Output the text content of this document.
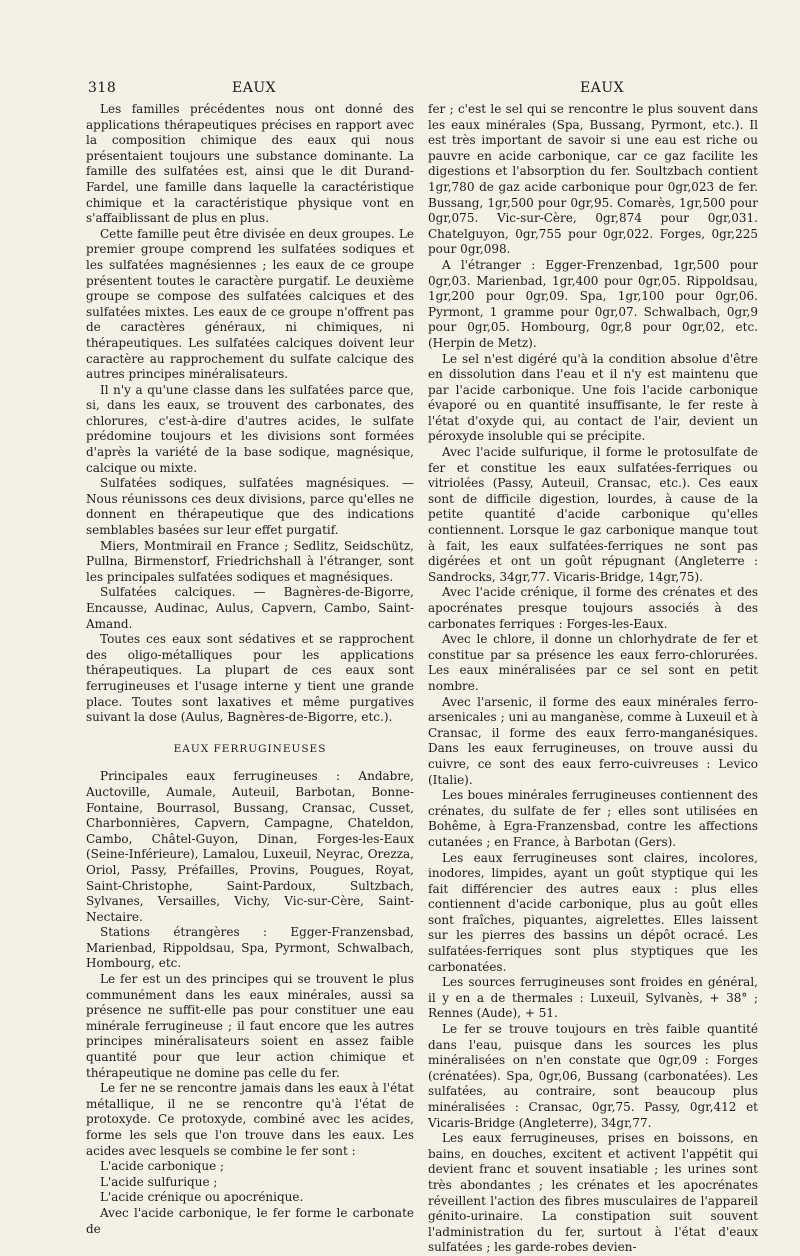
318	EAUX	EAUX

Les familles précédentes nous ont donné des applications thérapeutiques précises en rapport avec la composition chimique des eaux qui nous présentaient toujours une substance dominante. La famille des sulfatées est, ainsi que le dit Durand-Fardel, une famille dans laquelle la caractéristique chimique et la caractéristique physique vont en s'affaiblissant de plus en plus.

Cette famille peut être divisée en deux groupes. Le premier groupe comprend les sulfatées sodiques et les sulfatées magnésiennes ; les eaux de ce groupe présentent toutes le caractère purgatif. Le deuxième groupe se compose des sulfatées calciques et des sulfatées mixtes. Les eaux de ce groupe n'offrent pas de caractères généraux, ni chimiques, ni thérapeutiques. Les sulfatées calciques doivent leur caractère au rapprochement du sulfate calcique des autres principes minéralisateurs.

Il n'y a qu'une classe dans les sulfatées parce que, si, dans les eaux, se trouvent des carbonates, des chlorures, c'est-à-dire d'autres acides, le sulfate prédomine toujours et les divisions sont formées d'après la variété de la base sodique, magnésique, calcique ou mixte.

Sulfatées sodiques, sulfatées magnésiques. — Nous réunissons ces deux divisions, parce qu'elles ne donnent en thérapeutique que des indications semblables basées sur leur effet purgatif.

Miers, Montmirail en France ; Sedlitz, Seidschütz, Pullna, Birmenstorf, Friedrichshall à l'étranger, sont les principales sulfatées sodiques et magnésiques.

Sulfatées calciques. — Bagnères-de-Bigorre, Encausse, Audinac, Aulus, Capvern, Cambo, Saint-Amand.

Toutes ces eaux sont sédatives et se rapprochent des oligo-métalliques pour les applications thérapeutiques. La plupart de ces eaux sont ferrugineuses et l'usage interne y tient une grande place. Toutes sont laxatives et même purgatives suivant la dose (Aulus, Bagnères-de-Bigorre, etc.).

EAUX FERRUGINEUSES

Principales eaux ferrugineuses : Andabre, Auctoville, Aumale, Auteuil, Barbotan, Bonne-Fontaine, Bourrasol, Bussang, Cransac, Cusset, Charbonnières, Capvern, Campagne, Chateldon, Cambo, Châtel-Guyon, Dinan, Forges-les-Eaux (Seine-Inférieure), Lamalou, Luxeuil, Neyrac, Orezza, Oriol, Passy, Préfailles, Provins, Pougues, Royat, Saint-Christophe, Saint-Pardoux, Sultzbach, Sylvanes, Versailles, Vichy, Vic-sur-Cère, Saint-Nectaire.

Stations étrangères : Egger-Franzensbad, Marienbad, Rippoldsau, Spa, Pyrmont, Schwalbach, Hombourg, etc.

Le fer est un des principes qui se trouvent le plus communément dans les eaux minérales, aussi sa présence ne suffit-elle pas pour constituer une eau minérale ferrugineuse ; il faut encore que les autres principes minéralisateurs soient en assez faible quantité pour que leur action chimique et thérapeutique ne domine pas celle du fer.

Le fer ne se rencontre jamais dans les eaux à l'état métallique, il ne se rencontre qu'à l'état de protoxyde. Ce protoxyde, combiné avec les acides, forme les sels que l'on trouve dans les eaux. Les acides avec lesquels se combine le fer sont :

L'acide carbonique ;

L'acide sulfurique ;

L'acide crénique ou apocrénique.

Avec l'acide carbonique, le fer forme le carbonate de

fer ; c'est le sel qui se rencontre le plus souvent dans les eaux minérales (Spa, Bussang, Pyrmont, etc.). Il est très important de savoir si une eau est riche ou pauvre en acide carbonique, car ce gaz facilite les digestions et l'absorption du fer. Soultzbach contient 1gr,780 de gaz acide carbonique pour 0gr,023 de fer. Bussang, 1gr,500 pour 0gr,95. Comarès, 1gr,500 pour 0gr,075. Vic-sur-Cère, 0gr,874 pour 0gr,031. Chatelguyon, 0gr,755 pour 0gr,022. Forges, 0gr,225 pour 0gr,098.

A l'étranger : Egger-Frenzenbad, 1gr,500 pour 0gr,03. Marienbad, 1gr,400 pour 0gr,05. Rippoldsau, 1gr,200 pour 0gr,09. Spa, 1gr,100 pour 0gr,06. Pyrmont, 1 gramme pour 0gr,07. Schwalbach, 0gr,9 pour 0gr,05. Hombourg, 0gr,8 pour 0gr,02, etc. (Herpin de Metz).

Le sel n'est digéré qu'à la condition absolue d'être en dissolution dans l'eau et il n'y est maintenu que par l'acide carbonique. Une fois l'acide carbonique évaporé ou en quantité insuffisante, le fer reste à l'état d'oxyde qui, au contact de l'air, devient un péroxyde insoluble qui se précipite.

Avec l'acide sulfurique, il forme le protosulfate de fer et constitue les eaux sulfatées-ferriques ou vitriolées (Passy, Auteuil, Cransac, etc.). Ces eaux sont de difficile digestion, lourdes, à cause de la petite quantité d'acide carbonique qu'elles contiennent. Lorsque le gaz carbonique manque tout à fait, les eaux sulfatées-ferriques ne sont pas digérées et ont un goût répugnant (Angleterre : Sandrocks, 34gr,77. Vicaris-Bridge, 14gr,75).

Avec l'acide crénique, il forme des crénates et des apocrénates presque toujours associés à des carbonates ferriques : Forges-les-Eaux.

Avec le chlore, il donne un chlorhydrate de fer et constitue par sa présence les eaux ferro-chlorurées. Les eaux minéralisées par ce sel sont en petit nombre.

Avec l'arsenic, il forme des eaux minérales ferro-arsenicales ; uni au manganèse, comme à Luxeuil et à Cransac, il forme des eaux ferro-manganésiques. Dans les eaux ferrugineuses, on trouve aussi du cuivre, ce sont des eaux ferro-cuivreuses : Levico (Italie).

Les boues minérales ferrugineuses contiennent des crénates, du sulfate de fer ; elles sont utilisées en Bohême, à Egra-Franzensbad, contre les affections cutanées ; en France, à Barbotan (Gers).

Les eaux ferrugineuses sont claires, incolores, inodores, limpides, ayant un goût styptique qui les fait différencier des autres eaux : plus elles contiennent d'acide carbonique, plus au goût elles sont fraîches, piquantes, aigrelettes. Elles laissent sur les pierres des bassins un dépôt ocracé. Les sulfatées-ferriques sont plus styptiques que les carbonatées.

Les sources ferrugineuses sont froides en général, il y en a de thermales : Luxeuil, Sylvanès, + 38° ; Rennes (Aude), + 51.

Le fer se trouve toujours en très faible quantité dans l'eau, puisque dans les sources les plus minéralisées on n'en constate que 0gr,09 : Forges (crénatées). Spa, 0gr,06, Bussang (carbonatées). Les sulfatées, au contraire, sont beaucoup plus minéralisées : Cransac, 0gr,75. Passy, 0gr,412 et Vicaris-Bridge (Angleterre), 34gr,77.

Les eaux ferrugineuses, prises en boissons, en bains, en douches, excitent et activent l'appétit qui devient franc et souvent insatiable ; les urines sont très abondantes ; les crénates et les apocrénates réveillent l'action des fibres musculaires de l'appareil génito-urinaire. La constipation suit souvent l'administration du fer, surtout à l'état d'eaux sulfatées ; les garde-robes devien-
